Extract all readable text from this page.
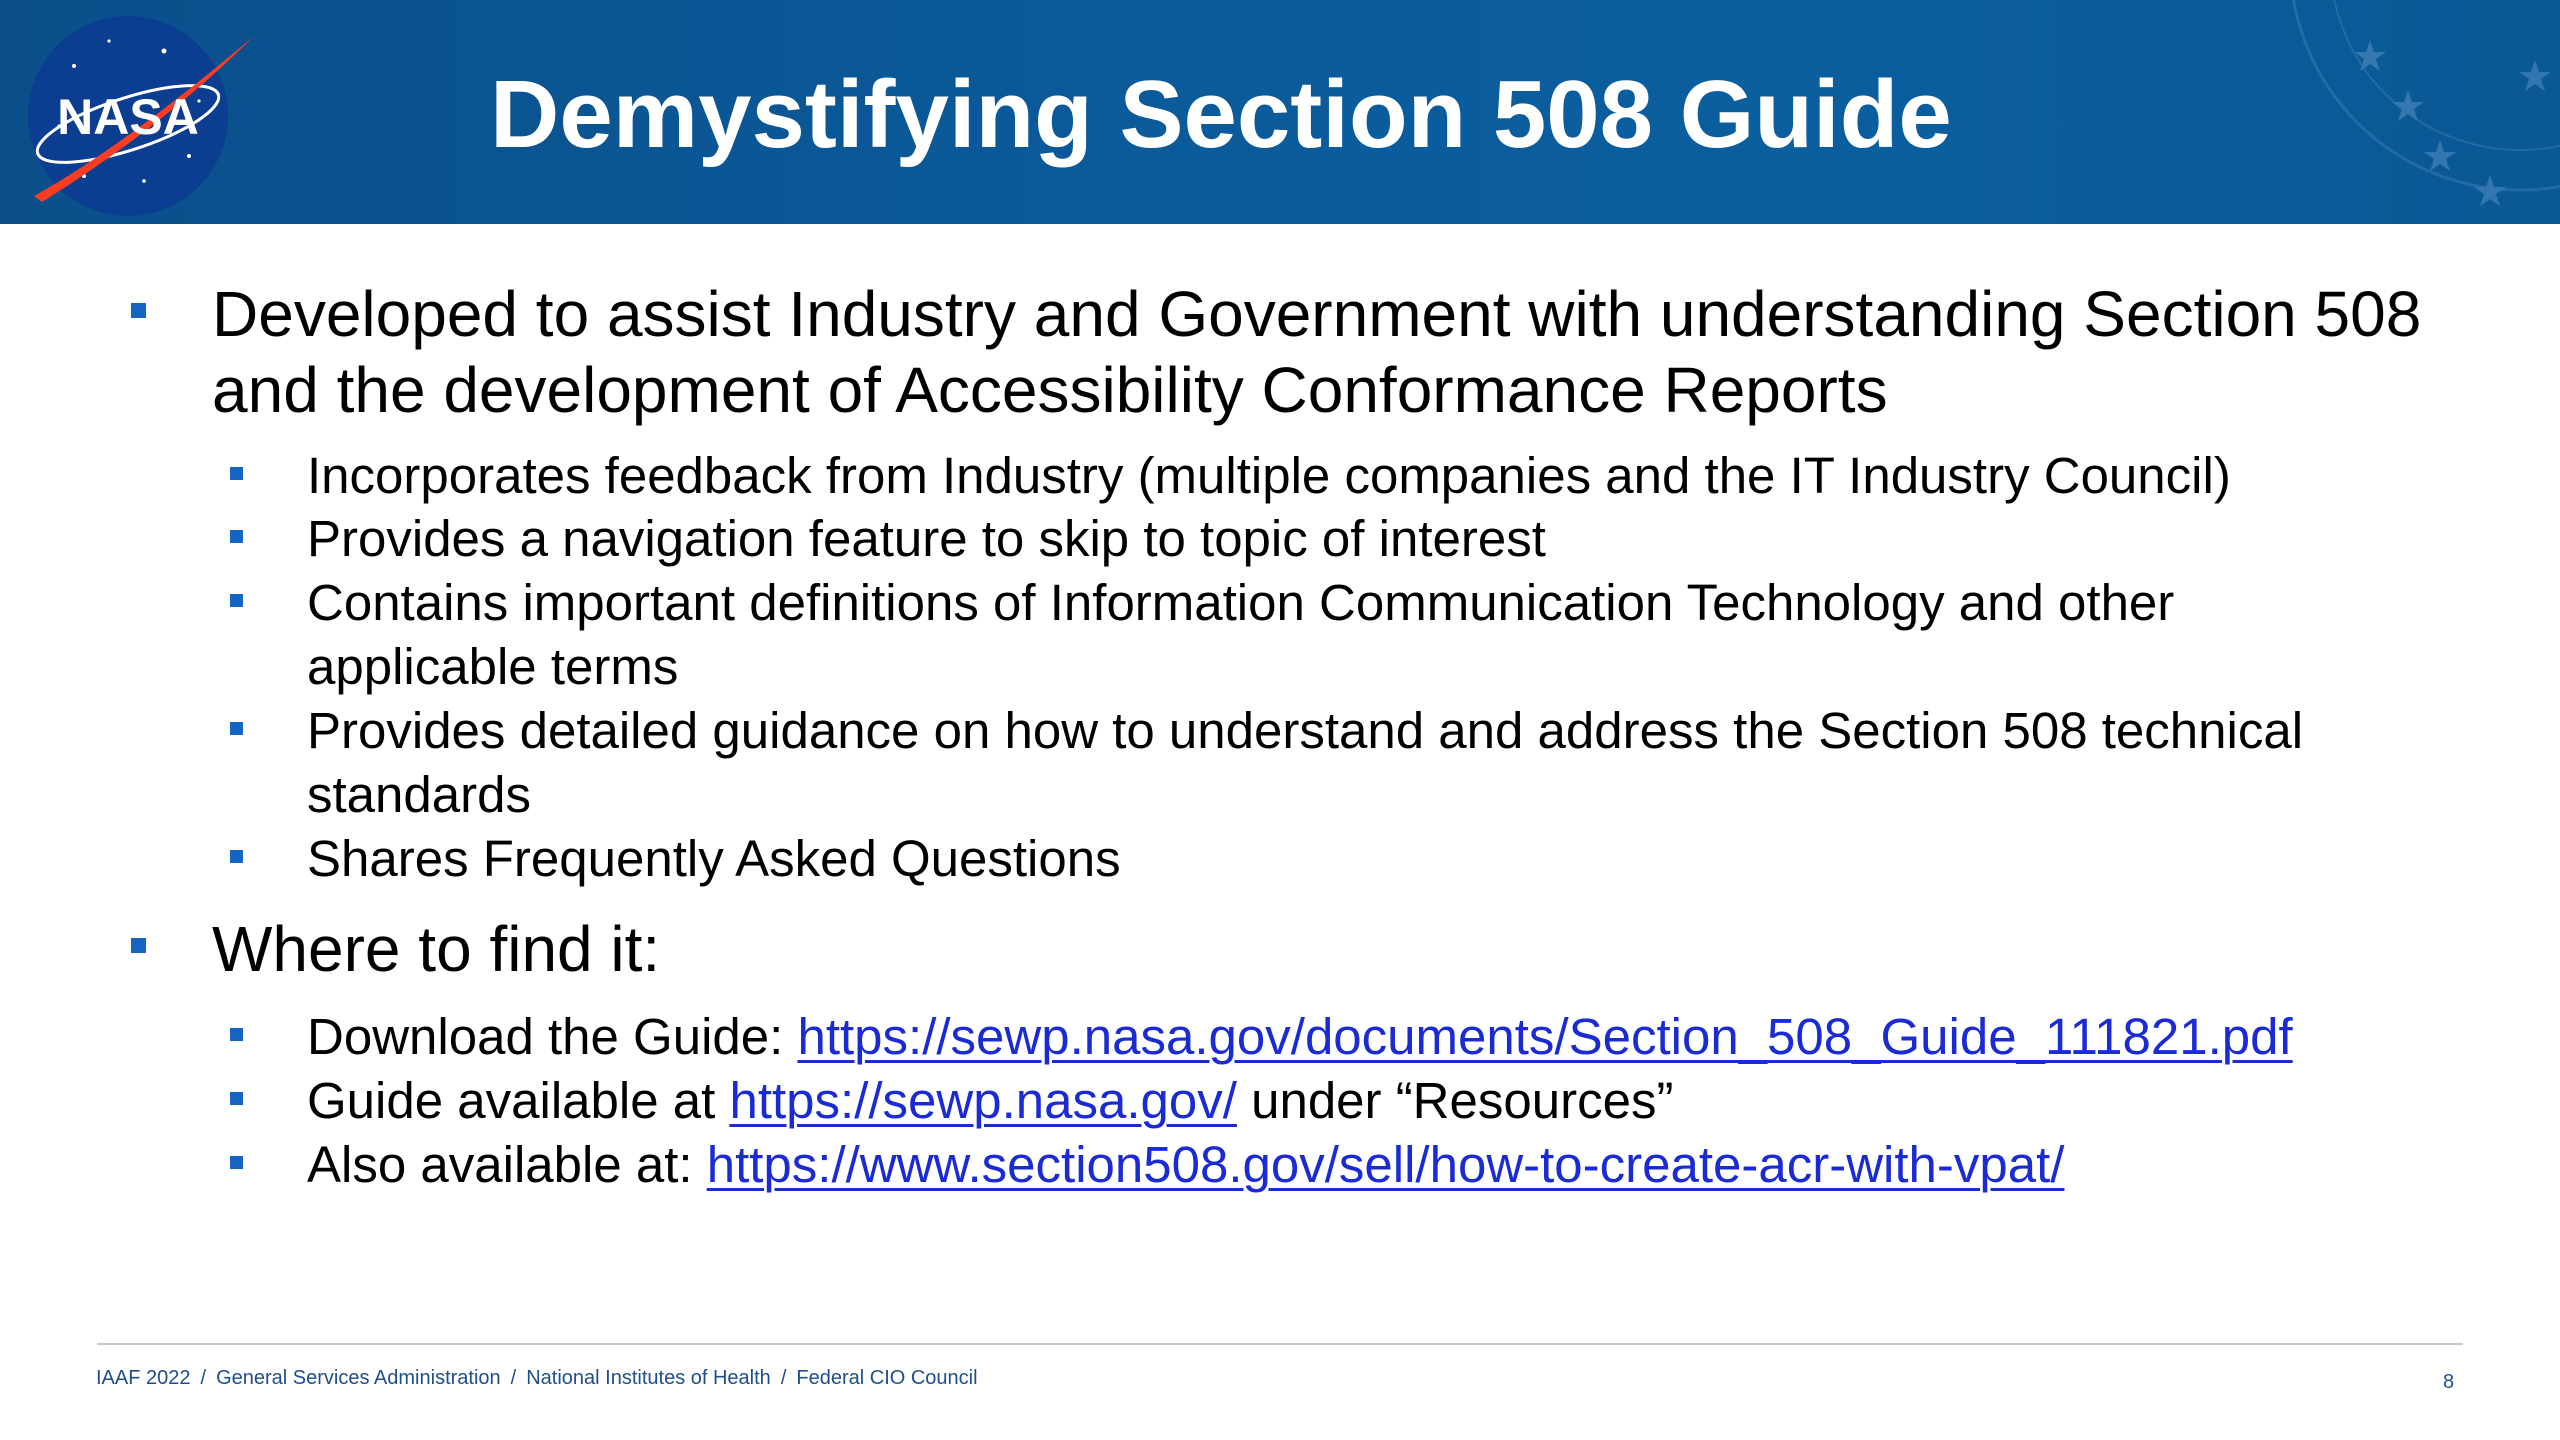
NASA	Demystifying Section 508 Guide
Developed to assist Industry and Government with understanding Section 508 and the development of Accessibility Conformance Reports
Incorporates feedback from Industry (multiple companies and the IT Industry Council)
Provides a navigation feature to skip to topic of interest
Contains important definitions of Information Communication Technology and other applicable terms
Provides detailed guidance on how to understand and address the Section 508 technical standards
Shares Frequently Asked Questions
Where to find it:
Download the Guide: https://sewp.nasa.gov/documents/Section_508_Guide_111821.pdf
Guide available at https://sewp.nasa.gov/ under “Resources”
Also available at: https://www.section508.gov/sell/how-to-create-acr-with-vpat/
IAAF 2022 / General Services Administration / National Institutes of Health / Federal CIO Council	8
